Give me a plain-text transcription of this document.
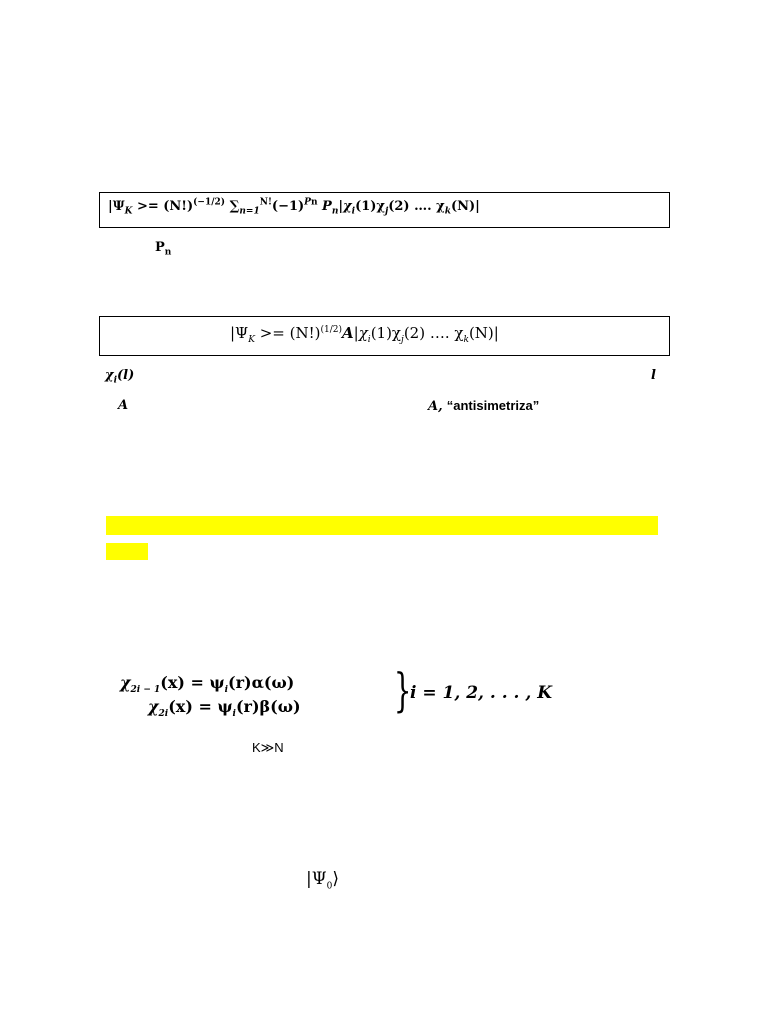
$|\Psi_K >= (N!)^{(-1/2)}$ $\sum_{n=1}^{N!}(-1)^{Pn}$ $P_n|\chi_i(1)\chi_j(2)$ …. $\chi_k(N)|$
$P_n$
$|\Psi_K >= (N!)^{(1/2)}A|\chi_i(1)\chi_j(2)$ …. $\chi_k(N)|$
$\chi_i(l)$	l
A	A, “antisimetriza”
$\chi_{2i - 1}(x) = \psi_i(r)\alpha(\omega)$
$\chi_{2i}(x) = \psi_i(r)\beta(\omega)$ }
i = 1, 2, . . . , K
K≫N
$|\Psi_0⟩$
